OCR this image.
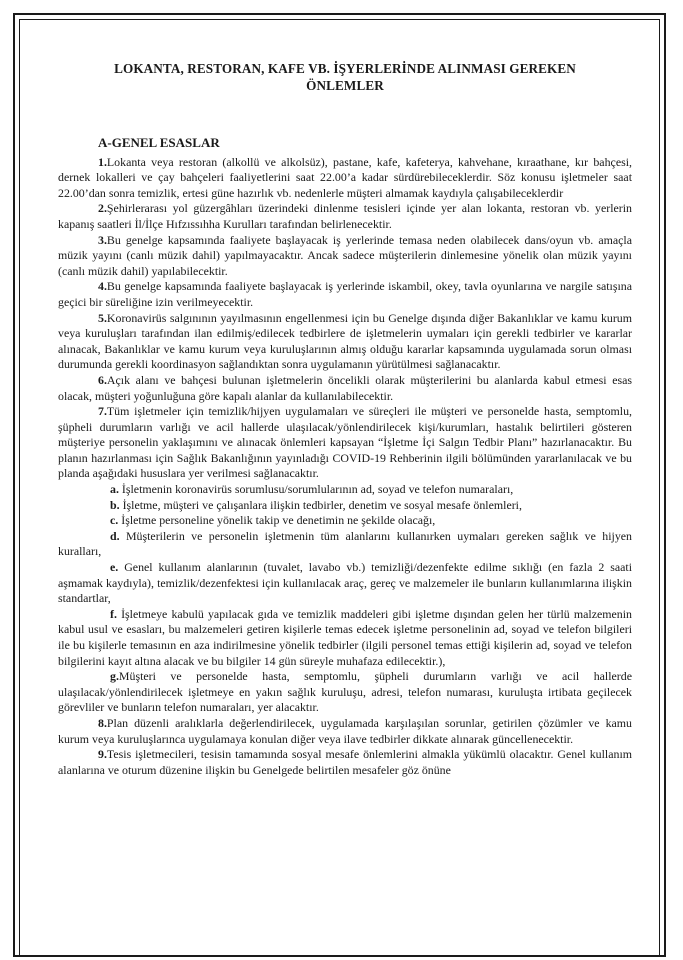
LOKANTA, RESTORAN, KAFE VB. İŞYERLERİNDE ALINMASI GEREKEN
ÖNLEMLER
A-GENEL ESASLAR

1.Lokanta veya restoran (alkollü ve alkolsüz), pastane, kafe, kafeterya, kahvehane, kıraathane, kır bahçesi, dernek lokalleri ve çay bahçeleri faaliyetlerini saat 22.00’a kadar sürdürebileceklerdir. Söz konusu işletmeler saat 22.00’dan sonra temizlik, ertesi güne hazırlık vb. nedenlerle müşteri almamak kaydıyla çalışabileceklerdir

2.Şehirlerarası yol güzergâhları üzerindeki dinlenme tesisleri içinde yer alan lokanta, restoran vb. yerlerin kapanış saatleri İl/İlçe Hıfzıssıhha Kurulları tarafından belirlenecektir.

3.Bu genelge kapsamında faaliyete başlayacak iş yerlerinde temasa neden olabilecek dans/oyun vb. amaçla müzik yayını (canlı müzik dahil) yapılmayacaktır. Ancak sadece müşterilerin dinlemesine yönelik olan müzik yayını (canlı müzik dahil) yapılabilecektir.

4.Bu genelge kapsamında faaliyete başlayacak iş yerlerinde iskambil, okey, tavla oyunlarına ve nargile satışına geçici bir süreliğine izin verilmeyecektir.

5.Koronavirüs salgınının yayılmasının engellenmesi için bu Genelge dışında diğer Bakanlıklar ve kamu kurum veya kuruluşları tarafından ilan edilmiş/edilecek tedbirlere de işletmelerin uymaları için gerekli tedbirler ve kararlar alınacak, Bakanlıklar ve kamu kurum veya kuruluşlarının almış olduğu kararlar kapsamında uygulamada sorun olması durumunda gerekli koordinasyon sağlandıktan sonra uygulamanın yürütülmesi sağlanacaktır.

6.Açık alanı ve bahçesi bulunan işletmelerin öncelikli olarak müşterilerini bu alanlarda kabul etmesi esas olacak, müşteri yoğunluğuna göre kapalı alanlar da kullanılabilecektir.

7.Tüm işletmeler için temizlik/hijyen uygulamaları ve süreçleri ile müşteri ve personelde hasta, semptomlu, şüpheli durumların varlığı ve acil hallerde ulaşılacak/yönlendirilecek kişi/kurumları, hastalık belirtileri gösteren müşteriye personelin yaklaşımını ve alınacak önlemleri kapsayan “İşletme İçi Salgın Tedbir Planı” hazırlanacaktır. Bu planın hazırlanması için Sağlık Bakanlığının yayınladığı COVID-19 Rehberinin ilgili bölümünden yararlanılacak ve bu planda aşağıdaki hususlara yer verilmesi sağlanacaktır.

a. İşletmenin koronavirüs sorumlusu/sorumlularının ad, soyad ve telefon numaraları,

b. İşletme, müşteri ve çalışanlara ilişkin tedbirler, denetim ve sosyal mesafe önlemleri,

c. İşletme personeline yönelik takip ve denetimin ne şekilde olacağı,

d. Müşterilerin ve personelin işletmenin tüm alanlarını kullanırken uymaları gereken sağlık ve hijyen kuralları,

e. Genel kullanım alanlarının (tuvalet, lavabo vb.) temizliği/dezenfekte edilme sıklığı (en fazla 2 saati aşmamak kaydıyla), temizlik/dezenfektesi için kullanılacak araç, gereç ve malzemeler ile bunların kullanımlarına ilişkin standartlar,

f. İşletmeye kabulü yapılacak gıda ve temizlik maddeleri gibi işletme dışından gelen her türlü malzemenin kabul usul ve esasları, bu malzemeleri getiren kişilerle temas edecek işletme personelinin ad, soyad ve telefon bilgileri ile bu kişilerle temasının en aza indirilmesine yönelik tedbirler (ilgili personel temas ettiği kişilerin ad, soyad ve telefon bilgilerini kayıt altına alacak ve bu bilgiler 14 gün süreyle muhafaza edilecektir.),

g.Müşteri ve personelde hasta, semptomlu, şüpheli durumların varlığı ve acil hallerde ulaşılacak/yönlendirilecek işletmeye en yakın sağlık kuruluşu, adresi, telefon numarası, kuruluşta irtibata geçilecek görevliler ve bunların telefon numaraları, yer alacaktır.

8.Plan düzenli aralıklarla değerlendirilecek, uygulamada karşılaşılan sorunlar, getirilen çözümler ve kamu kurum veya kuruluşlarınca uygulamaya konulan diğer veya ilave tedbirler dikkate alınarak güncellenecektir.

9.Tesis işletmecileri, tesisin tamamında sosyal mesafe önlemlerini almakla yükümlü olacaktır. Genel kullanım alanlarına ve oturum düzenine ilişkin bu Genelgede belirtilen mesafeler göz önüne
